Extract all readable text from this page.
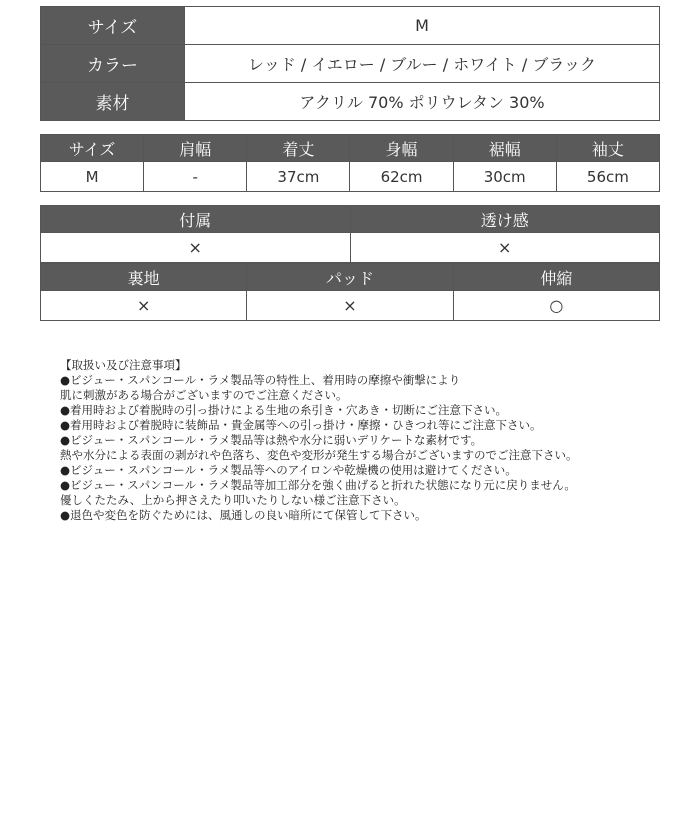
サイズ	M
カラー	レッド / イエロー / ブルー / ホワイト / ブラック
素材	アクリル 70% ポリウレタン 30%
サイズ	肩幅	着丈	身幅	裾幅	袖丈
M	-	37cm	62cm	30cm	56cm
付属	透け感
×	×
裏地	パッド	伸縮
×	×	○
【取扱い及び注意事項】
●ビジュー・スパンコール・ラメ製品等の特性上、着用時の摩擦や衝撃により
肌に刺激がある場合がございますのでご注意ください。
●着用時および着脱時の引っ掛けによる生地の糸引き・穴あき・切断にご注意下さい。
●着用時および着脱時に装飾品・貴金属等への引っ掛け・摩擦・ひきつれ等にご注意下さい。
●ビジュー・スパンコール・ラメ製品等は熱や水分に弱いデリケートな素材です。
熱や水分による表面の剥がれや色落ち、変色や変形が発生する場合がございますのでご注意下さい。
●ビジュー・スパンコール・ラメ製品等へのアイロンや乾燥機の使用は避けてください。
●ビジュー・スパンコール・ラメ製品等加工部分を強く曲げると折れた状態になり元に戻りません。
優しくたたみ、上から押さえたり叩いたりしない様ご注意下さい。
●退色や変色を防ぐためには、風通しの良い暗所にて保管して下さい。
